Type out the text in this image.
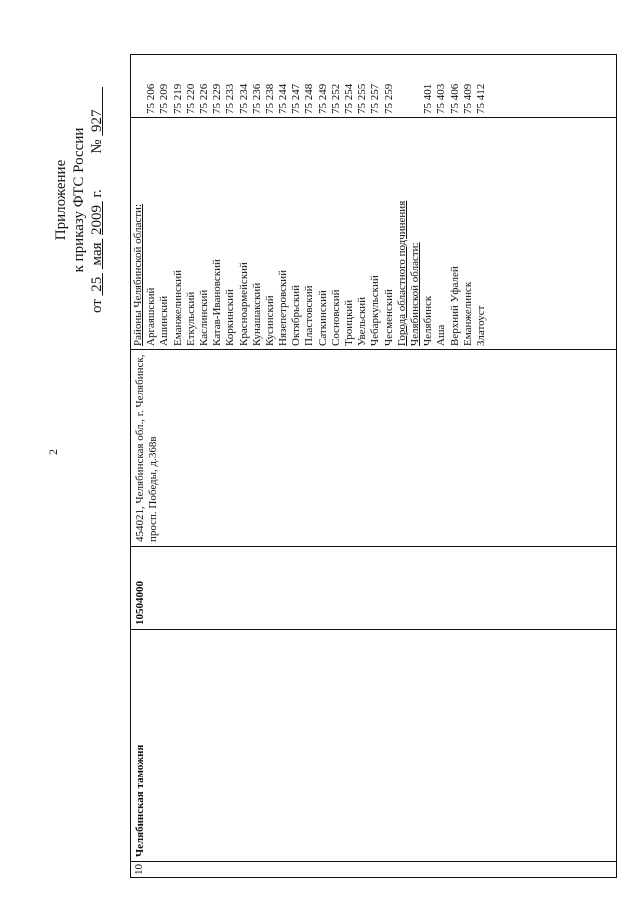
2
Приложение к приказу ФТС России
от  25   мая  2009  г.  №  927
10
Челябинская таможня
10504000
454021, Челябинская обл., г. Челябинск, просп. Победы, д.368в
Районы Челябинской области: Аргаяшский Ашинский Еманжелинский Еткульский Каслинский Катав-Ивановский Коркинский Красноармейский Кунашакский Кусинский Нязепетровский Октябрьский Пластовский Саткинский Сосновский Троицкий Увельский Чебаркульский Чесменский Города областного подчинения Челябинской области: Челябинск Аша Верхний Уфалей Еманжелинск Златоуст
75 206 75 209 75 219 75 220 75 226 75 229 75 233 75 234 75 236 75 238 75 244 75 247 75 248 75 249 75 252 75 254 75 255 75 257 75 259	75 401 75 403 75 406 75 409 75 412
